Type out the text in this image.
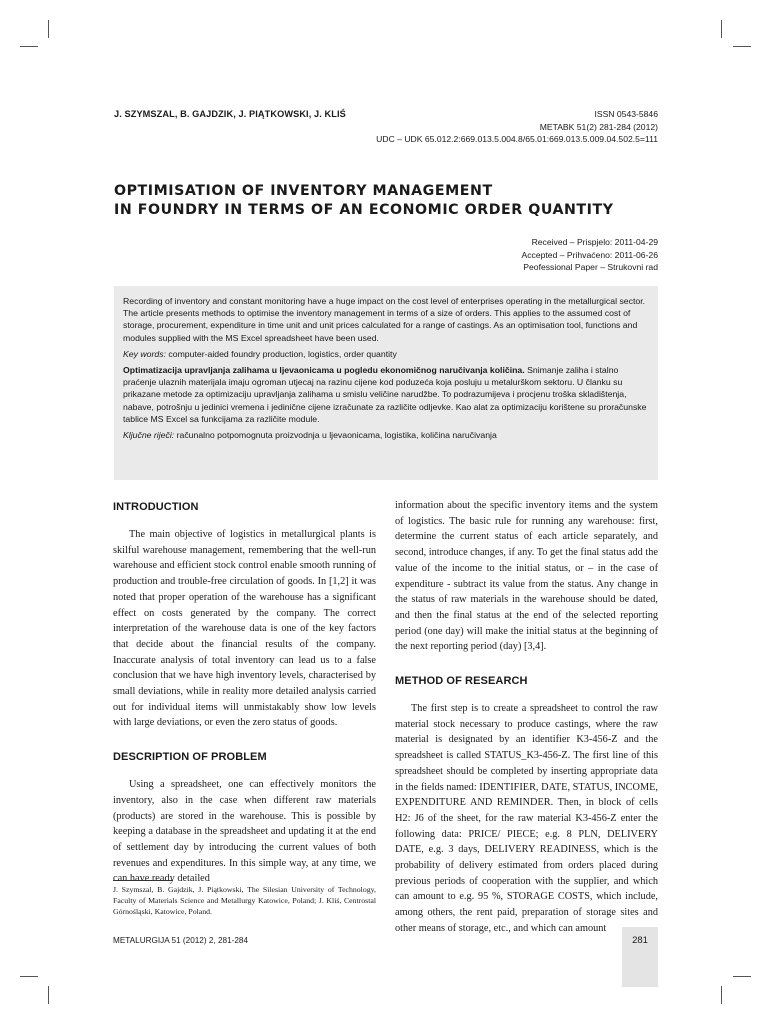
J. SZYMSZAL, B. GAJDZIK, J. PIĄTKOWSKI, J. KLIŚ	ISSN 0543-5846
METABK 51(2) 281-284 (2012)
UDC – UDK 65.012.2:669.013.5.004.8/65.01:669.013.5.009.04.502.5=111
OPTIMISATION OF INVENTORY MANAGEMENT
IN FOUNDRY IN TERMS OF AN ECONOMIC ORDER QUANTITY
Received – Prispjelo: 2011-04-29
Accepted – Prihvaćeno: 2011-06-26
Peofessional Paper – Strukovni rad

Recording of inventory and constant monitoring have a huge impact on the cost level of enterprises operating in the metallurgical sector. The article presents methods to optimise the inventory management in terms of a size of orders. This applies to the assumed cost of storage, procurement, expenditure in time unit and unit prices calculated for a range of castings. As an optimisation tool, functions and modules supplied with the MS Excel spreadsheet have been used.

Key words: computer-aided foundry production, logistics, order quantity

Optimatizacija upravljanja zalihama u ljevaonicama u pogledu ekonomičnog naručivanja količina. Snimanje zaliha i stalno praćenje ulaznih materijala imaju ogroman utjecaj na razinu cijene kod poduzeća koja posluju u metalurškom sektoru. U članku su prikazane metode za optimizaciju upravljanja zalihama u smislu veličine narudžbe. To podrazumijeva i procjenu troška skladištenja, nabave, potrošnju u jedinici vremena i jedinične cijene izračunate za različite odljevke. Kao alat za optimizaciju korištene su proračunske tablice MS Excel sa funkcijama za različite module.

Ključne riječi: računalno potpomognuta proizvodnja u ljevaonicama, logistika, količina naručivanja

INTRODUCTION

The main objective of logistics in metallurgical plants is skilful warehouse management, remembering that the well-run warehouse and efficient stock control enable smooth running of production and trouble-free circulation of goods. In [1,2] it was noted that proper operation of the warehouse has a significant effect on costs generated by the company. The correct interpretation of the warehouse data is one of the key factors that decide about the financial results of the company. Inaccurate analysis of total inventory can lead us to a false conclusion that we have high inventory levels, characterised by small deviations, while in reality more detailed analysis carried out for individual items will unmistakably show low levels with large deviations, or even the zero status of goods.

DESCRIPTION OF PROBLEM

Using a spreadsheet, one can effectively monitors the inventory, also in the case when different raw materials (products) are stored in the warehouse. This is possible by keeping a database in the spreadsheet and updating it at the end of settlement day by introducing the current values of both revenues and expenditures. In this simple way, at any time, we can have ready detailed

information about the specific inventory items and the system of logistics. The basic rule for running any warehouse: first, determine the current status of each article separately, and second, introduce changes, if any. To get the final status add the value of the income to the initial status, or – in the case of expenditure - subtract its value from the status. Any change in the status of raw materials in the warehouse should be dated, and then the final status at the end of the selected reporting period (one day) will make the initial status at the beginning of the next reporting period (day) [3,4].

METHOD OF RESEARCH

The first step is to create a spreadsheet to control the raw material stock necessary to produce castings, where the raw material is designated by an identifier K3-456-Z and the spreadsheet is called STATUS_K3-456-Z. The first line of this spreadsheet should be completed by inserting appropriate data in the fields named: IDENTIFIER, DATE, STATUS, INCOME, EXPENDITURE AND REMINDER. Then, in block of cells H2: J6 of the sheet, for the raw material K3-456-Z enter the following data: PRICE/ PIECE; e.g. 8 PLN, DELIVERY DATE, e.g. 3 days, DELIVERY READINESS, which is the probability of delivery estimated from orders placed during previous periods of cooperation with the supplier, and which can amount to e.g. 95 %, STORAGE COSTS, which include, among others, the rent paid, preparation of storage sites and other means of storage, etc., and which can amount

J. Szymszal, B. Gajdzik, J. Piątkowski, The Silesian University of Technology, Faculty of Materials Science and Metallurgy Katowice, Poland; J. Kliś, Centrostal Górnośląski, Katowice, Poland.
METALURGIJA 51 (2012) 2, 281-284	281
